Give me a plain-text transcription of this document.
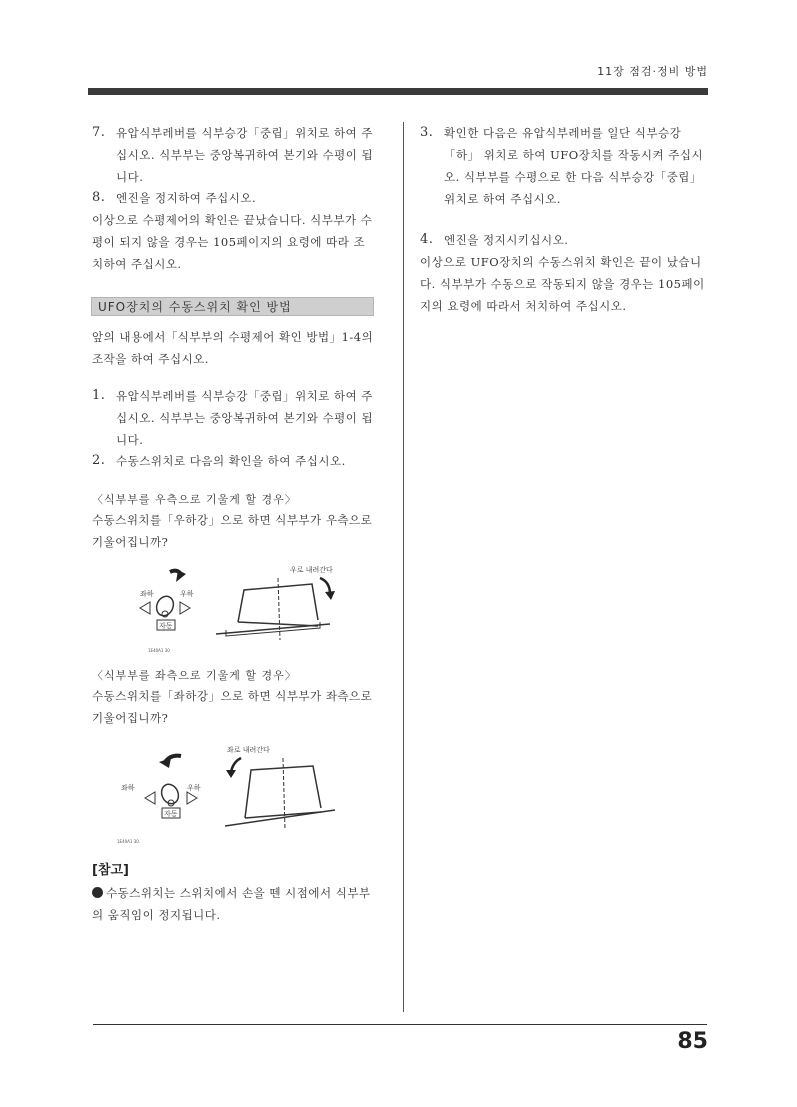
11장 점검·정비 방법
7. 유압식부레버를 식부승강「중립」위치로 하여 주십시오. 식부부는 중앙복귀하여 본기와 수평이 됩니다.

8. 엔진을 정지하여 주십시오.

이상으로 수평제어의 확인은 끝났습니다. 식부부가 수평이 되지 않을 경우는 105페이지의 요령에 따라 조치하여 주십시오.

UFO장치의 수동스위치 확인 방법

앞의 내용에서「식부부의 수평제어 확인 방법」1-4의 조작을 하여 주십시오.

1. 유압식부레버를 식부승강「중립」위치로 하여 주십시오. 식부부는 중앙복귀하여 본기와 수평이 됩니다.

2. 수동스위치로 다음의 확인을 하여 주십시오.

〈식부부를 우측으로 기울게 할 경우〉

수동스위치를「우하강」으로 하면 식부부가 우측으로 기울어집니까?

좌하	우하
자동
우로 내려간다
1E40A1 30
〈식부부를 좌측으로 기울게 할 경우〉

수동스위치를「좌하강」으로 하면 식부부가 좌측으로 기울어집니까?

좌로 내려간다
좌하	우하
자동
1E40A1 30.
[참고]
수동스위치는 스위치에서 손을 뗀 시점에서 식부부의 움직임이 정지됩니다.
3. 확인한 다음은 유압식부레버를 일단 식부승강「하」 위치로 하여 UFO장치를 작동시켜 주십시오. 식부부를 수평으로 한 다음 식부승강「중립」위치로 하여 주십시오.

4. 엔진을 정지시키십시오.

이상으로 UFO장치의 수동스위치 확인은 끝이 났습니다. 식부부가 수동으로 작동되지 않을 경우는 105페이지의 요령에 따라서 처치하여 주십시오.

85
